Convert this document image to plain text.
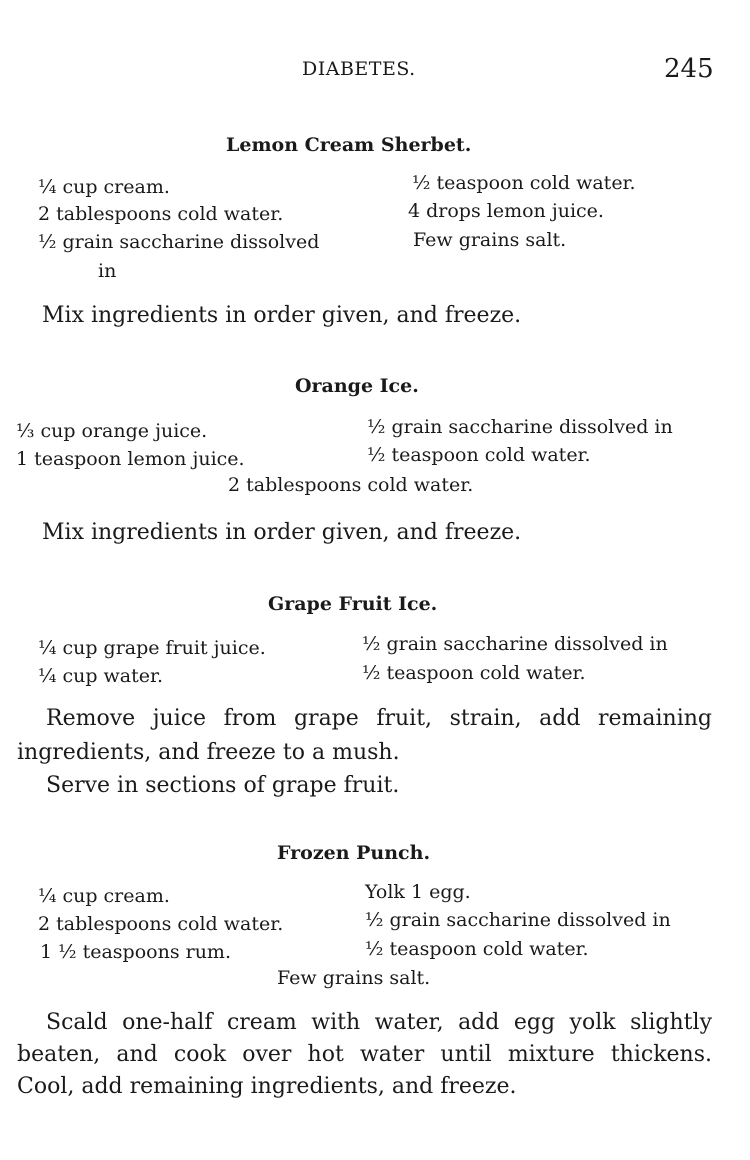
DIABETES.	245
Lemon Cream Sherbet.
¼ cup cream.
2 tablespoons cold water.
½ grain saccharine dissolved
in
½ teaspoon cold water.
4 drops lemon juice.
Few grains salt.
Mix ingredients in order given, and freeze.
Orange Ice.
⅓ cup orange juice.
1 teaspoon lemon juice.
½ grain saccharine dissolved in
½ teaspoon cold water.
2 tablespoons cold water.
Mix ingredients in order given, and freeze.
Grape Fruit Ice.
¼ cup grape fruit juice.
¼ cup water.
½ grain saccharine dissolved in
½ teaspoon cold water.
Remove juice from grape fruit, strain, add remaining
ingredients, and freeze to a mush.
Serve in sections of grape fruit.
Frozen Punch.
¼ cup cream.
2 tablespoons cold water.
1 ½ teaspoons rum.
Yolk 1 egg.
½ grain saccharine dissolved in
½ teaspoon cold water.
Few grains salt.
Scald one-half cream with water, add egg yolk slightly
beaten, and cook over hot water until mixture thickens.
Cool, add remaining ingredients, and freeze.
